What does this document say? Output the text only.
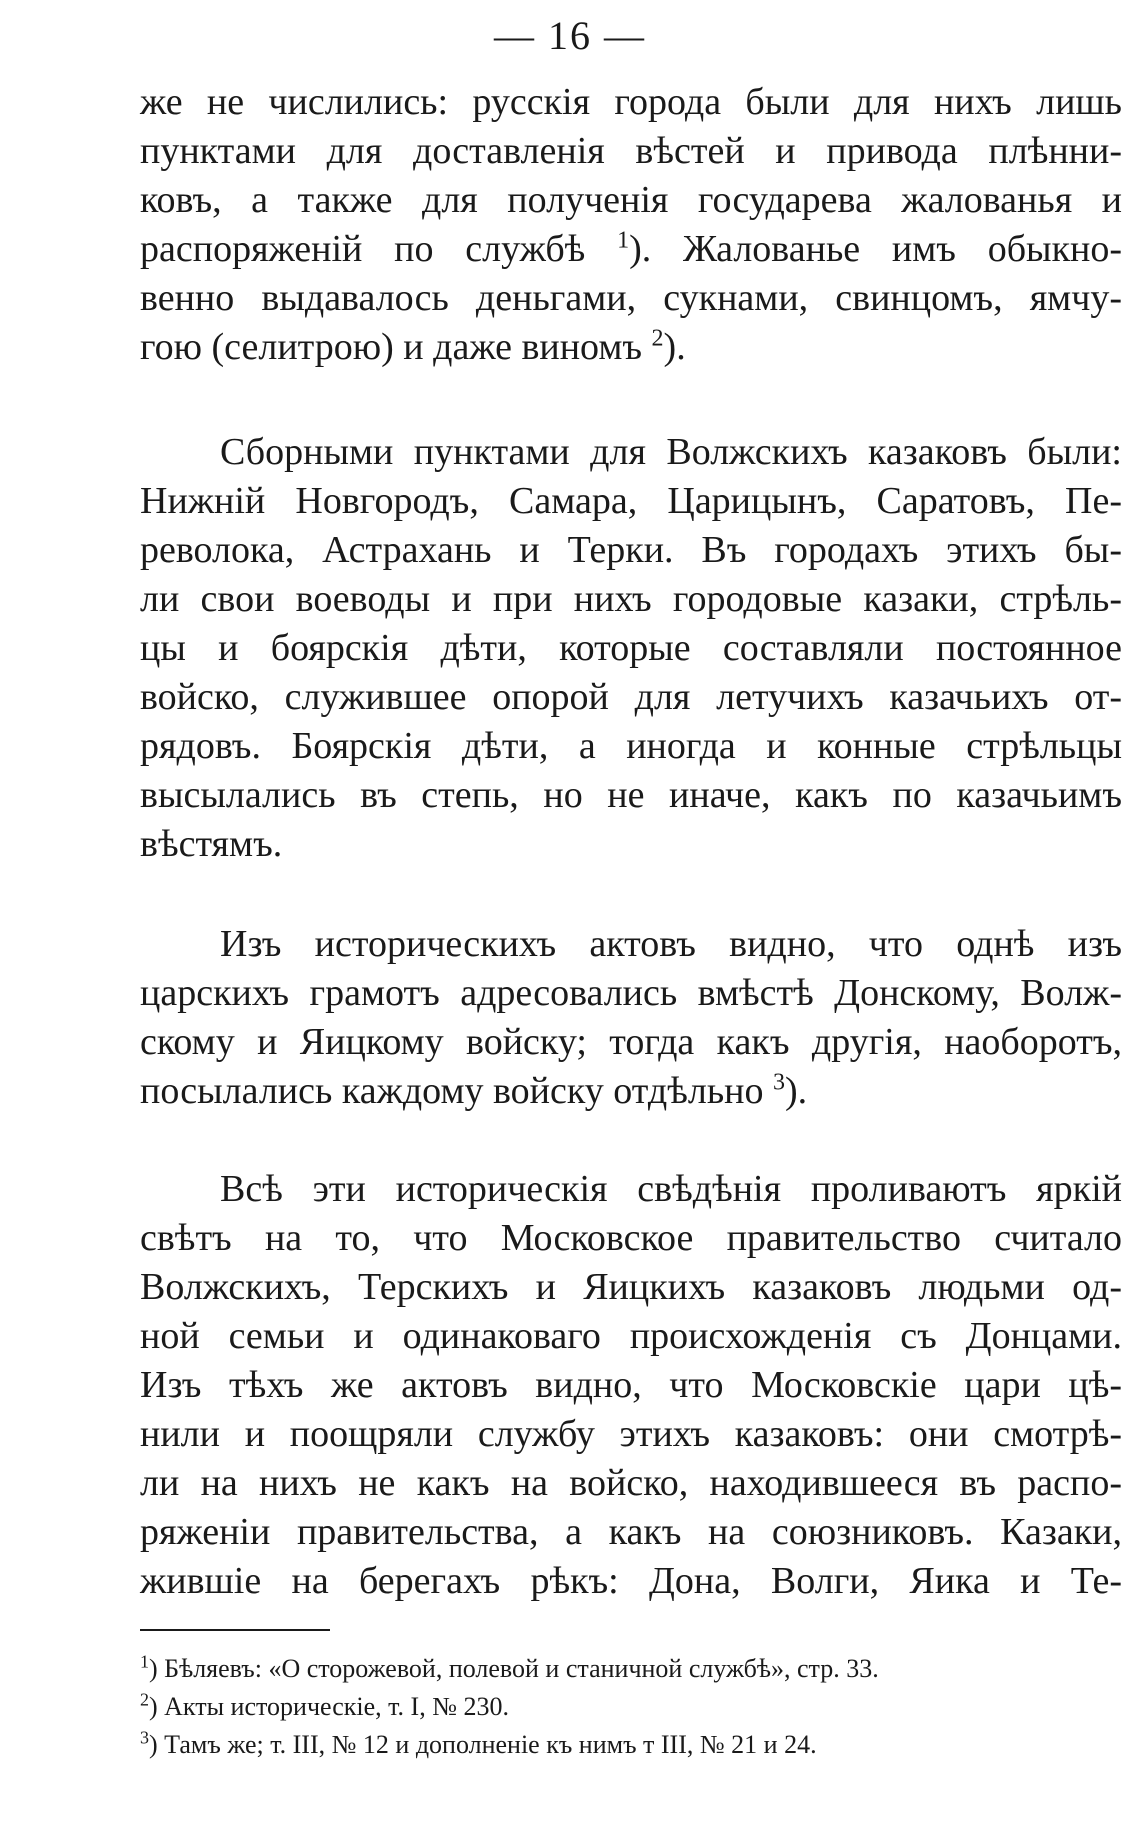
— 16 —
же не числились: русскія города были для нихъ лишь
пунктами для доставленія вѣстей и привода плѣнни-
ковъ, а также для полученія государева жалованья и
распоряженій по службѣ $^1$). Жалованье имъ обыкно-
венно выдавалось деньгами, сукнами, свинцомъ, ямчу-
гою (селитрою) и даже виномъ $^2$).
Сборными пунктами для Волжскихъ казаковъ были:
Нижній Новгородъ, Самара, Царицынъ, Саратовъ, Пе-
револока, Астрахань и Терки. Въ городахъ этихъ бы-
ли свои воеводы и при нихъ городовые казаки, стрѣль-
цы и боярскія дѣти, которые составляли постоянное
войско, служившее опорой для летучихъ казачьихъ от-
рядовъ. Боярскія дѣти, а иногда и конные стрѣльцы
высылались въ степь, но не иначе, какъ по казачьимъ
вѣстямъ.
Изъ историческихъ актовъ видно, что однѣ изъ
царскихъ грамотъ адресовались вмѣстѣ Донскому, Волж-
скому и Яицкому войску; тогда какъ другія, наоборотъ,
посылались каждому войску отдѣльно $^3$).
Всѣ эти историческія свѣдѣнія проливаютъ яркій
свѣтъ на то, что Московское правительство считало
Волжскихъ, Терскихъ и Яицкихъ казаковъ людьми од-
ной семьи и одинаковаго происхожденія съ Донцами.
Изъ тѣхъ же актовъ видно, что Московскіе цари цѣ-
нили и поощряли службу этихъ казаковъ: они смотрѣ-
ли на нихъ не какъ на войско, находившееся въ распо-
ряженіи правительства, а какъ на союзниковъ. Казаки,
жившіе на берегахъ рѣкъ: Дона, Волги, Яика и Те-
$^1$) Бѣляевъ: «О сторожевой, полевой и станичной службѣ», стр. 33.
$^2$) Акты историческіе, т. I, № 230.
$^3$) Тамъ же; т. III, № 12 и дополненіе къ нимъ т III, № 21 и 24.
